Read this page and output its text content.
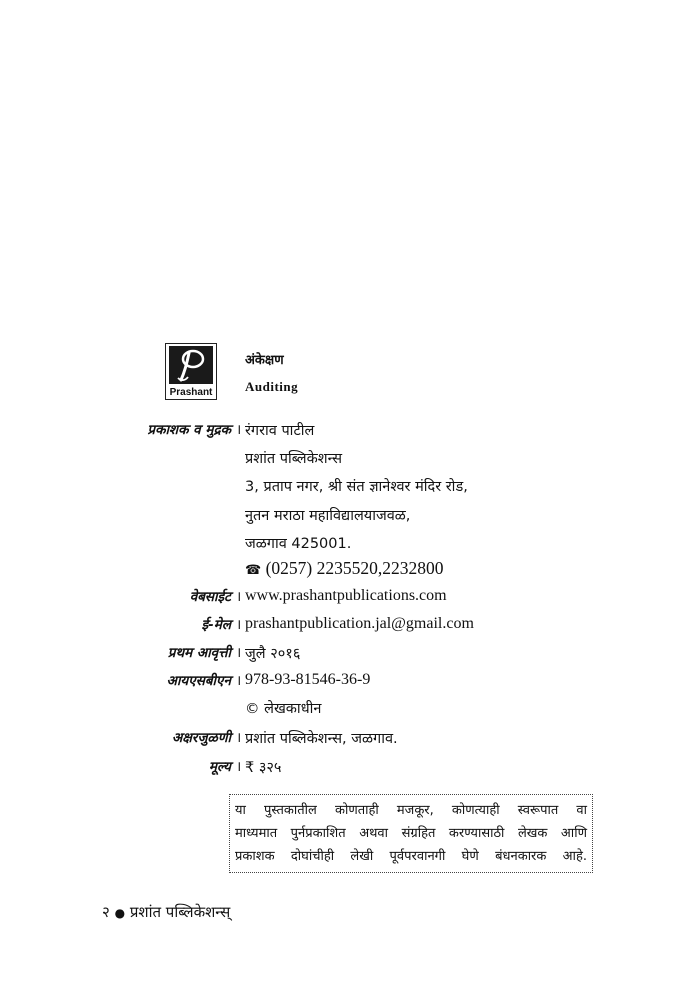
Prashant
अंकेक्षण
Auditing
प्रकाशक व मुद्रक । रंगराव पाटील
प्रशांत पब्लिकेशन्स
3, प्रताप नगर, श्री संत ज्ञानेश्वर मंदिर रोड,
नुतन मराठा महाविद्यालयाजवळ,
जळगाव 425001.
☎ (0257) 2235520,2232800
वेबसाईट । www.prashantpublications.com
ई-मेल । prashantpublication.jal@gmail.com
प्रथम आवृत्ती । जुलै २०१६
आयएसबीएन । 978-93-81546-36-9
© लेखकाधीन
अक्षरजुळणी । प्रशांत पब्लिकेशन्स, जळगाव.
मूल्य । ₹ ३२५
या पुस्तकातील कोणताही मजकूर, कोणत्याही स्वरूपात वा
माध्यमात पुर्नप्रकाशित अथवा संग्रहित करण्यासाठी लेखक आणि
प्रकाशक दोघांचीही लेखी पूर्वपरवानगी घेणे बंधनकारक आहे.
२ ● प्रशांत पब्लिकेशन्स्
